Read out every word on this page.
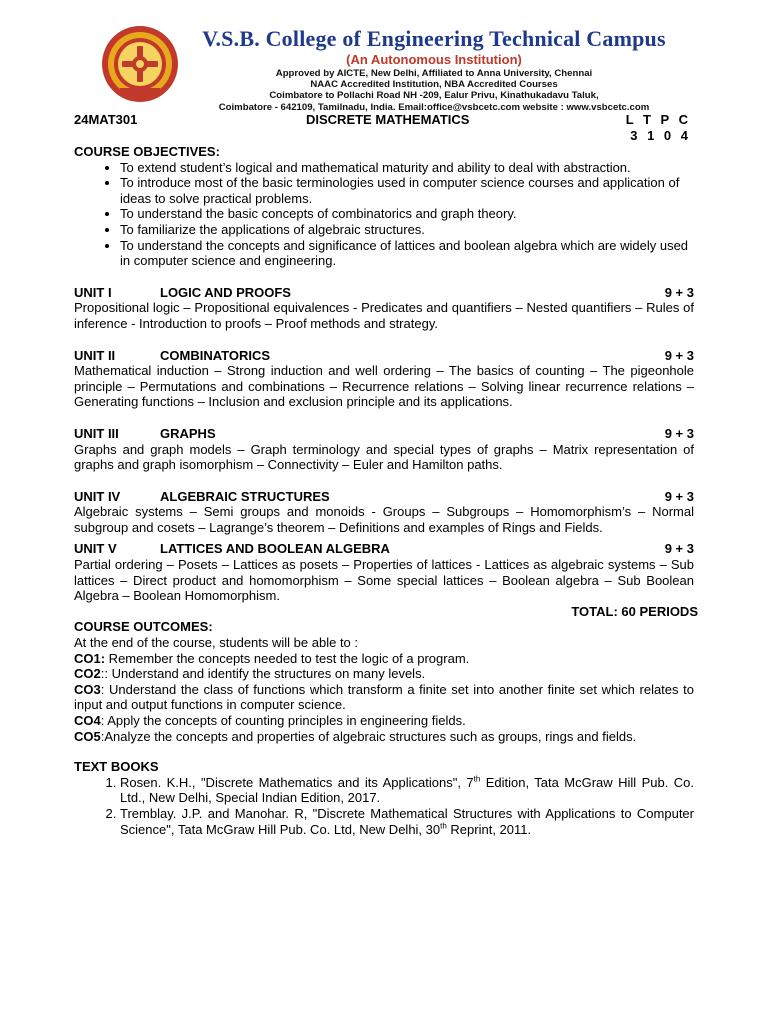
V.S.B. College of Engineering Technical Campus
(An Autonomous Institution)
Approved by AICTE, New Delhi, Affiliated to Anna University, Chennai
NAAC Accredited Institution, NBA Accredited Courses
Coimbatore to Pollachi Road NH -209, Ealur Privu, Kinathukadavu Taluk,
Coimbatore - 642109, Tamilnadu, India. Email:office@vsbcetc.com website : www.vsbcetc.com
24MAT301	DISCRETE MATHEMATICS	L T P C
3 1 0 4
COURSE OBJECTIVES:
• To extend student’s logical and mathematical maturity and ability to deal with abstraction.
• To introduce most of the basic terminologies used in computer science courses and application of ideas to solve practical problems.
• To understand the basic concepts of combinatorics and graph theory.
• To familiarize the applications of algebraic structures.
• To understand the concepts and significance of lattices and boolean algebra which are widely used in computer science and engineering.
UNIT I	LOGIC AND PROOFS	9 + 3
Propositional logic – Propositional equivalences - Predicates and quantifiers – Nested quantifiers – Rules of inference - Introduction to proofs – Proof methods and strategy.
UNIT II	COMBINATORICS	9 + 3
Mathematical induction – Strong induction and well ordering – The basics of counting – The pigeonhole principle – Permutations and combinations – Recurrence relations – Solving linear recurrence relations – Generating functions – Inclusion and exclusion principle and its applications.
UNIT III	GRAPHS	9 + 3
Graphs and graph models – Graph terminology and special types of graphs – Matrix representation of graphs and graph isomorphism – Connectivity – Euler and Hamilton paths.
UNIT IV	ALGEBRAIC STRUCTURES	9 + 3
Algebraic systems – Semi groups and monoids - Groups – Subgroups – Homomorphism’s – Normal subgroup and cosets – Lagrange’s theorem – Definitions and examples of Rings and Fields.
UNIT V	LATTICES AND BOOLEAN ALGEBRA	9 + 3
Partial ordering – Posets – Lattices as posets – Properties of lattices - Lattices as algebraic systems – Sub lattices – Direct product and homomorphism – Some special lattices – Boolean algebra – Sub Boolean Algebra – Boolean Homomorphism.
TOTAL: 60 PERIODS
COURSE OUTCOMES:
At the end of the course, students will be able to :
CO1: Remember the concepts needed to test the logic of a program.
CO2:: Understand and identify the structures on many levels.
CO3: Understand the class of functions which transform a finite set into another finite set which relates to input and output functions in computer science.
CO4: Apply the concepts of counting principles in engineering fields.
CO5:Analyze the concepts and properties of algebraic structures such as groups, rings and fields.
TEXT BOOKS
1. Rosen. K.H., "Discrete Mathematics and its Applications", 7th Edition, Tata McGraw Hill Pub. Co. Ltd., New Delhi, Special Indian Edition, 2017.
2. Tremblay. J.P. and Manohar. R, "Discrete Mathematical Structures with Applications to Computer Science", Tata McGraw Hill Pub. Co. Ltd, New Delhi, 30th Reprint, 2011.
